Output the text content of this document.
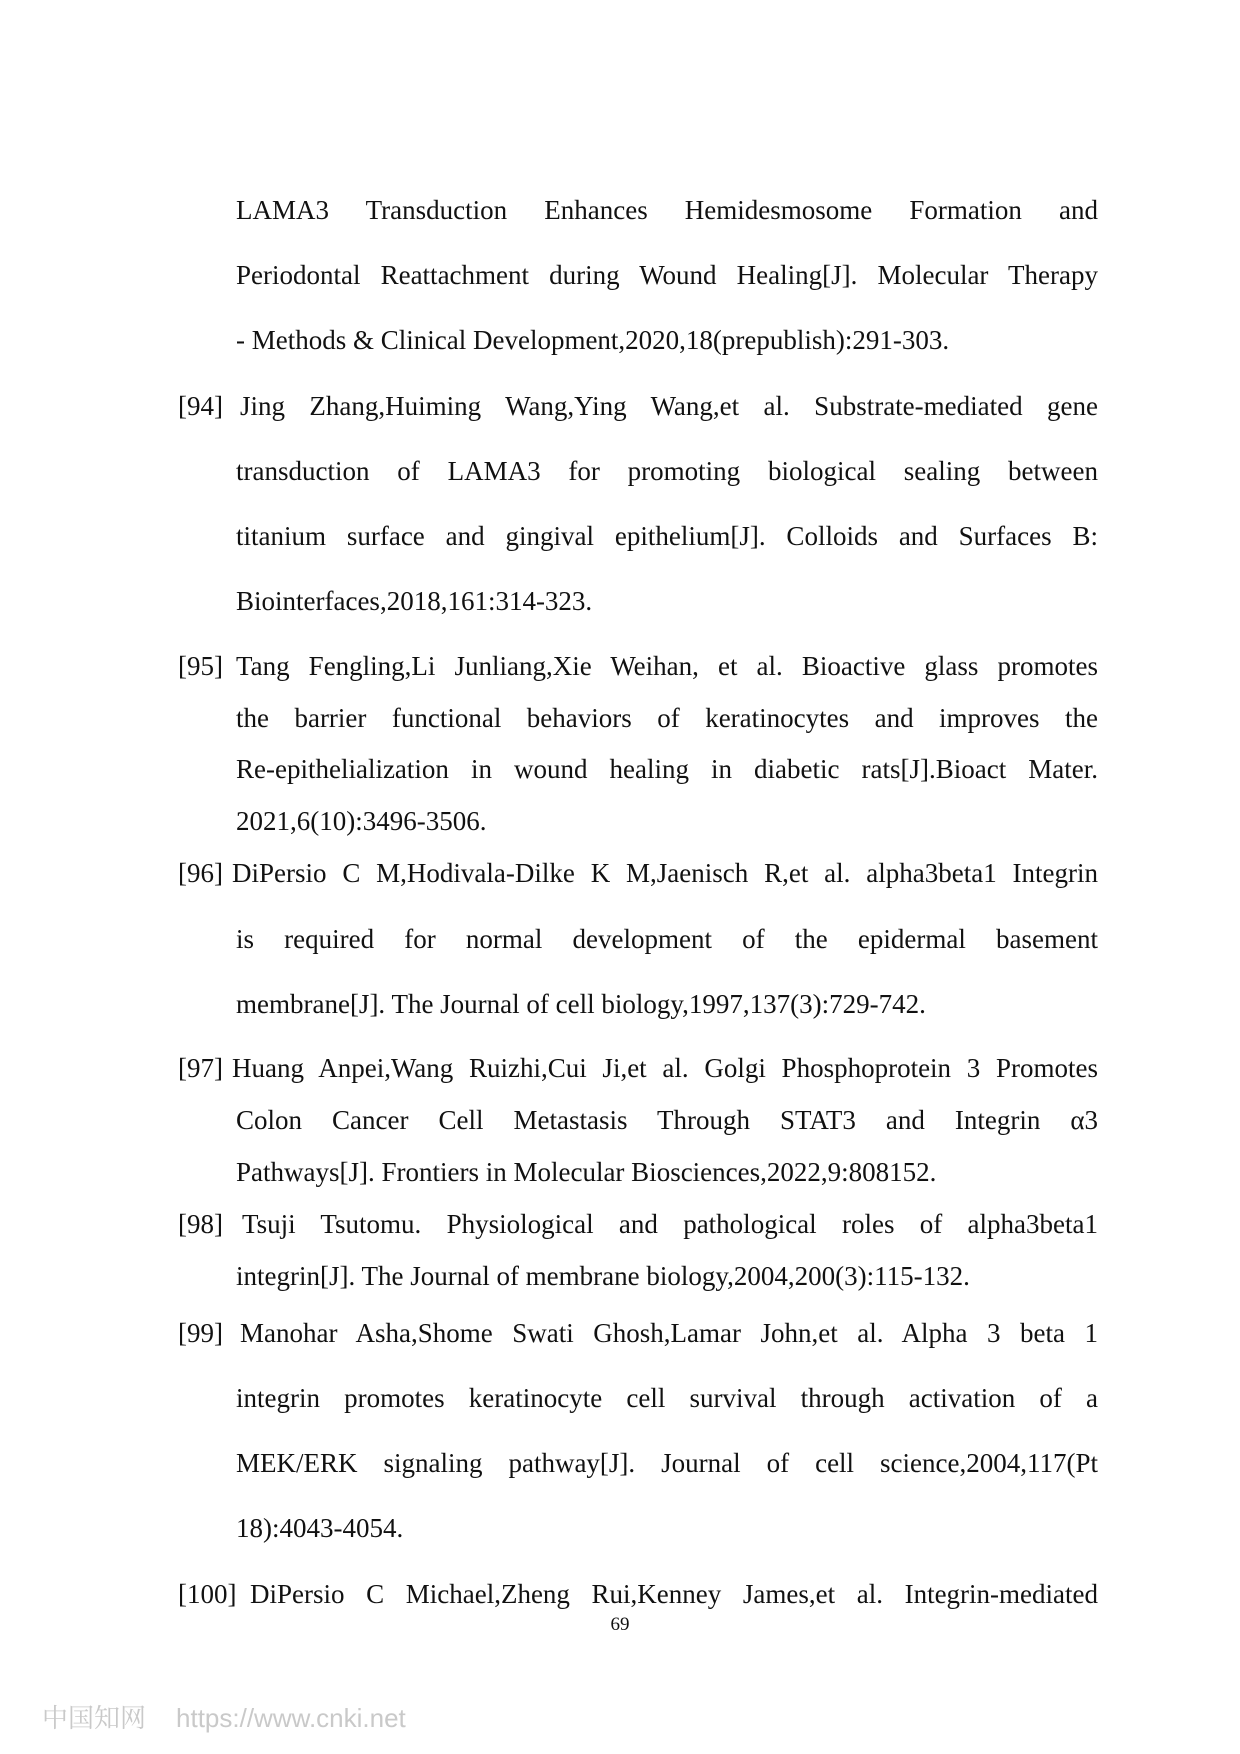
LAMA3 Transduction Enhances Hemidesmosome Formation and
Periodontal Reattachment during Wound Healing[J]. Molecular Therapy
- Methods & Clinical Development,2020,18(prepublish):291-303.
[94] Jing Zhang,Huiming Wang,Ying Wang,et al. Substrate-mediated gene
transduction of LAMA3 for promoting biological sealing between
titanium surface and gingival epithelium[J]. Colloids and Surfaces B:
Biointerfaces,2018,161:314-323.
[95] Tang Fengling,Li Junliang,Xie Weihan, et al. Bioactive glass promotes
the barrier functional behaviors of keratinocytes and improves the
Re-epithelialization in wound healing in diabetic rats[J].Bioact Mater.
2021,6(10):3496-3506.
[96] DiPersio C M,Hodivala-Dilke K M,Jaenisch R,et al. alpha3beta1 Integrin
is required for normal development of the epidermal basement
membrane[J]. The Journal of cell biology,1997,137(3):729-742.
[97] Huang Anpei,Wang Ruizhi,Cui Ji,et al. Golgi Phosphoprotein 3 Promotes
Colon Cancer Cell Metastasis Through STAT3 and Integrin α3
Pathways[J]. Frontiers in Molecular Biosciences,2022,9:808152.
[98] Tsuji Tsutomu. Physiological and pathological roles of alpha3beta1
integrin[J]. The Journal of membrane biology,2004,200(3):115-132.
[99] Manohar Asha,Shome Swati Ghosh,Lamar John,et al. Alpha 3 beta 1
integrin promotes keratinocyte cell survival through activation of a
MEK/ERK signaling pathway[J]. Journal of cell science,2004,117(Pt
18):4043-4054.
[100] DiPersio C Michael,Zheng Rui,Kenney James,et al. Integrin-mediated
69
中国知网 https://www.cnki.net
